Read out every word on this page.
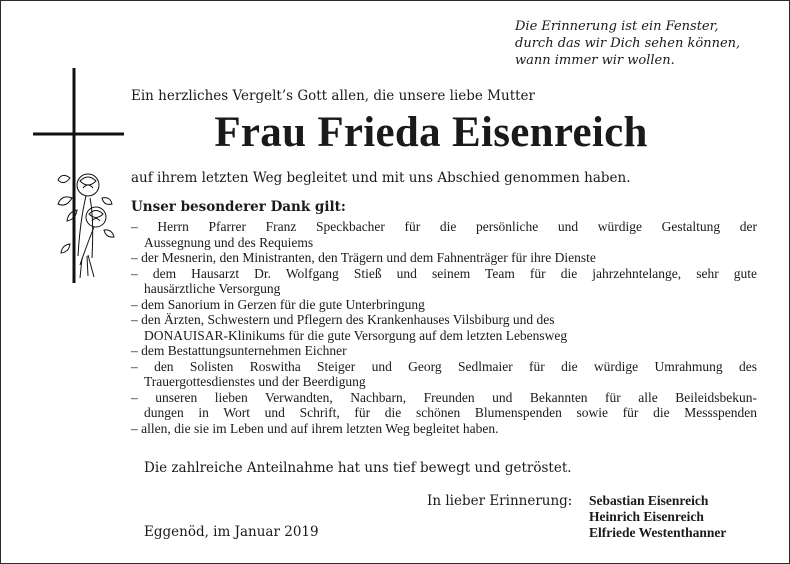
Die Erinnerung ist ein Fenster,
durch das wir Dich sehen können,
wann immer wir wollen.
Ein herzliches Vergelt’s Gott allen, die unsere liebe Mutter
Frau Frieda Eisenreich
auf ihrem letzten Weg begleitet und mit uns Abschied genommen haben.
Unser besonderer Dank gilt:
– Herrn Pfarrer Franz Speckbacher für die persönliche und würdige Gestaltung der
Aussegnung und des Requiems
– der Mesnerin, den Ministranten, den Trägern und dem Fahnenträger für ihre Dienste
– dem Hausarzt Dr. Wolfgang Stieß und seinem Team für die jahrzehntelange, sehr gute
hausärztliche Versorgung
– dem Sanorium in Gerzen für die gute Unterbringung
– den Ärzten, Schwestern und Pflegern des Krankenhauses Vilsbiburg und des
DONAUISAR-Klinikums für die gute Versorgung auf dem letzten Lebensweg
– dem Bestattungsunternehmen Eichner
– den Solisten Roswitha Steiger und Georg Sedlmaier für die würdige Umrahmung des
Trauergottesdienstes und der Beerdigung
– unseren lieben Verwandten, Nachbarn, Freunden und Bekannten für alle Beileidsbekun-
dungen in Wort und Schrift, für die schönen Blumenspenden sowie für die Messspenden
– allen, die sie im Leben und auf ihrem letzten Weg begleitet haben.
Die zahlreiche Anteilnahme hat uns tief bewegt und getröstet.
In lieber Erinnerung: Sebastian Eisenreich
Heinrich Eisenreich
Elfriede Westenthanner
Eggenöd, im Januar 2019
